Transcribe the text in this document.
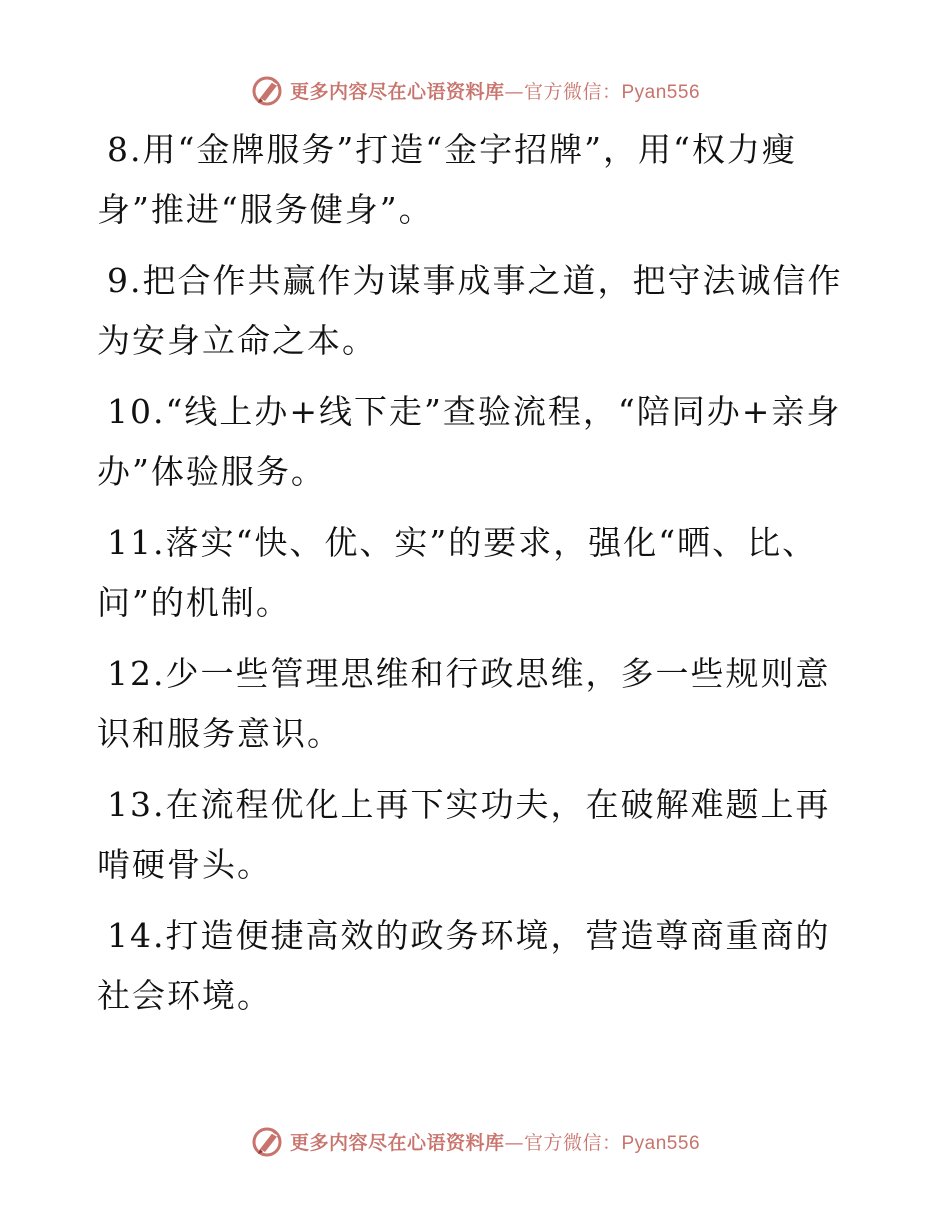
更多内容尽在心语资料库—官方微信：Pyan556

8.用“金牌服务”打造“金字招牌”，用“权力瘦身”推进“服务健身”。

9.把合作共赢作为谋事成事之道，把守法诚信作为安身立命之本。

10.“线上办+线下走”查验流程，“陪同办+亲身办”体验服务。

11.落实“快、优、实”的要求，强化“晒、比、问”的机制。

12.少一些管理思维和行政思维，多一些规则意识和服务意识。

13.在流程优化上再下实功夫，在破解难题上再啃硬骨头。

14.打造便捷高效的政务环境，营造尊商重商的社会环境。

更多内容尽在心语资料库—官方微信：Pyan556
